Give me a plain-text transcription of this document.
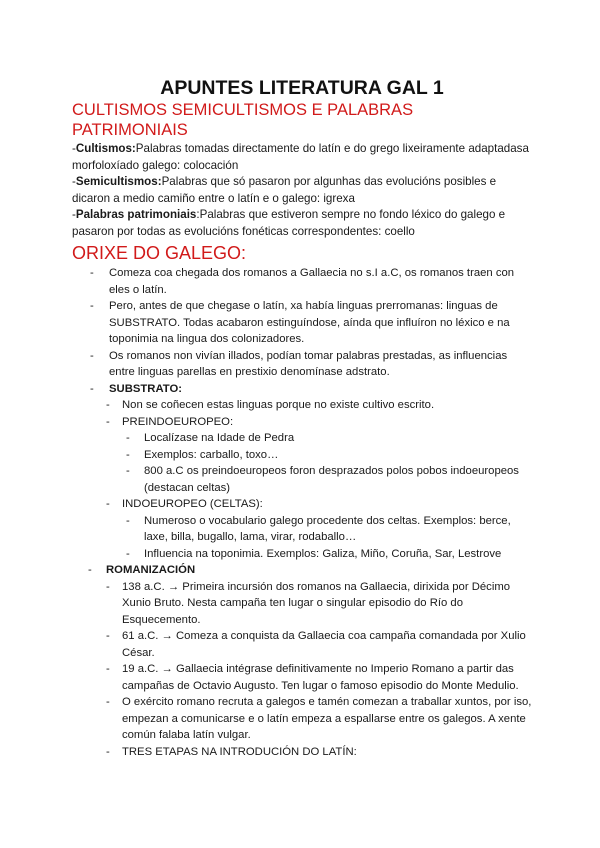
APUNTES LITERATURA GAL 1
CULTISMOS SEMICULTISMOS E PALABRAS PATRIMONIAIS

-Cultismos:Palabras tomadas directamente do latín e do grego lixeiramente adaptadasa morfoloxíado galego: colocación

-Semicultismos:Palabras que só pasaron por algunhas das evolucións posibles e dicaron a medio camiño entre o latín e o galego: igrexa

-Palabras patrimoniais:Palabras que estiveron sempre no fondo léxico do galego e pasaron por todas as evolucións fonéticas correspondentes: coello

ORIXE DO GALEGO:
- Comeza coa chegada dos romanos a Gallaecia no s.I a.C, os romanos traen con eles o latín.
- Pero, antes de que chegase o latín, xa había linguas prerromanas: linguas de SUBSTRATO. Todas acabaron estinguíndose, aínda que influíron no léxico e na toponimia na lingua dos colonizadores.
- Os romanos non vivían illados, podían tomar palabras prestadas, as influencias entre linguas parellas en prestixio denomínase adstrato.
- SUBSTRATO:
- Non se coñecen estas linguas porque no existe cultivo escrito.
- PREINDOEUROPEO:
- Localízase na Idade de Pedra
- Exemplos: carballo, toxo…
- 800 a.C os preindoeuropeos foron desprazados polos pobos indoeuropeos (destacan celtas)
- INDOEUROPEO (CELTAS):
- Numeroso o vocabulario galego procedente dos celtas. Exemplos: berce, laxe, billa, bugallo, lama, virar, rodaballo…
- Influencia na toponimia. Exemplos: Galiza, Miño, Coruña, Sar, Lestrove
- ROMANIZACIÓN
- 138 a.C. → Primeira incursión dos romanos na Gallaecia, dirixida por Décimo Xunio Bruto. Nesta campaña ten lugar o singular episodio do Río do Esquecemento.
- 61 a.C. → Comeza a conquista da Gallaecia coa campaña comandada por Xulio César.
- 19 a.C. → Gallaecia intégrase definitivamente no Imperio Romano a partir das campañas de Octavio Augusto. Ten lugar o famoso episodio do Monte Medulio.
- O exército romano recruta a galegos e tamén comezan a traballar xuntos, por iso, empezan a comunicarse e o latín empeza a espallarse entre os galegos. A xente común falaba latín vulgar.
- TRES ETAPAS NA INTRODUCIÓN DO LATÍN:
